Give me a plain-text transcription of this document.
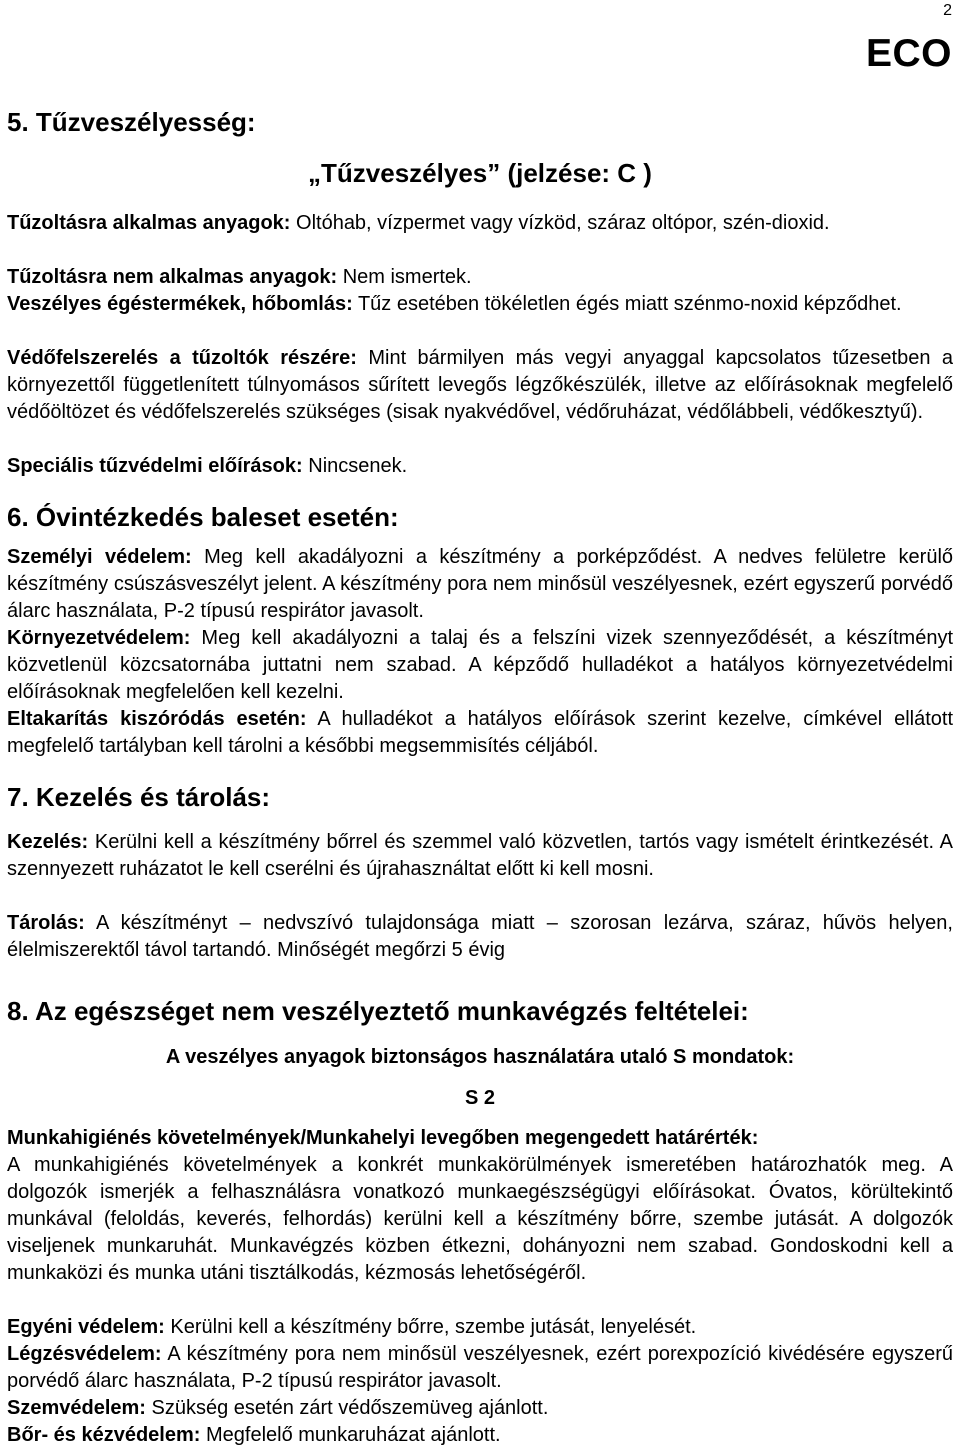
2
ECO
5. Tűzveszélyesség:
„Tűzveszélyes” (jelzése: C )

Tűzoltásra alkalmas anyagok: Oltóhab, vízpermet vagy vízköd, száraz oltópor, szén-dioxid.

Tűzoltásra nem alkalmas anyagok: Nem ismertek.

Veszélyes égéstermékek, hőbomlás: Tűz esetében tökéletlen égés miatt szénmo-noxid képződhet.

Védőfelszerelés a tűzoltók részére: Mint bármilyen más vegyi anyaggal kapcsolatos tűzesetben a környezettől függetlenített túlnyomásos sűrített levegős légzőkészülék, illetve az előírásoknak megfelelő védőöltözet és védőfelszerelés szükséges (sisak nyakvédővel, védőruházat, védőlábbeli, védőkesztyű).

Speciális tűzvédelmi előírások: Nincsenek.

6. Óvintézkedés baleset esetén:

Személyi védelem: Meg kell akadályozni a készítmény a porképződést. A nedves felületre kerülő készítmény csúszásveszélyt jelent. A készítmény pora nem minősül veszélyesnek, ezért egyszerű porvédő álarc használata, P-2 típusú respirátor javasolt.

Környezetvédelem: Meg kell akadályozni a talaj és a felszíni vizek szennyeződését, a készítményt közvetlenül közcsatornába juttatni nem szabad. A képződő hulladékot a hatályos környezetvédelmi előírásoknak megfelelően kell kezelni.

Eltakarítás kiszóródás esetén: A hulladékot a hatályos előírások szerint kezelve, címkével ellátott megfelelő tartályban kell tárolni a későbbi megsemmisítés céljából.

7. Kezelés és tárolás:

Kezelés: Kerülni kell a készítmény bőrrel és szemmel való közvetlen, tartós vagy ismételt érintkezését. A szennyezett ruházatot le kell cserélni és újrahasználtat előtt ki kell mosni.

Tárolás: A készítményt – nedvszívó tulajdonsága miatt – szorosan lezárva, száraz, hűvös helyen, élelmiszerektől távol tartandó. Minőségét megőrzi 5 évig

8. Az egészséget nem veszélyeztető munkavégzés feltételei:
A veszélyes anyagok biztonságos használatára utaló S mondatok:
S 2

Munkahigiénés követelmények/Munkahelyi levegőben megengedett határérték:

A munkahigiénés követelmények a konkrét munkakörülmények ismeretében határozhatók meg. A dolgozók ismerjék a felhasználásra vonatkozó munkaegészségügyi előírásokat. Óvatos, körültekintő munkával (feloldás, keverés, felhordás) kerülni kell a készítmény bőrre, szembe jutását. A dolgozók viseljenek munkaruhát. Munkavégzés közben étkezni, dohányozni nem szabad. Gondoskodni kell a munkaközi és munka utáni tisztálkodás, kézmosás lehetőségéről.

Egyéni védelem: Kerülni kell a készítmény bőrre, szembe jutását, lenyelését.

Légzésvédelem: A készítmény pora nem minősül veszélyesnek, ezért porexpozíció kivédésére egyszerű porvédő álarc használata, P-2 típusú respirátor javasolt.

Szemvédelem: Szükség esetén zárt védőszemüveg ajánlott.

Bőr- és kézvédelem: Megfelelő munkaruházat ajánlott.
